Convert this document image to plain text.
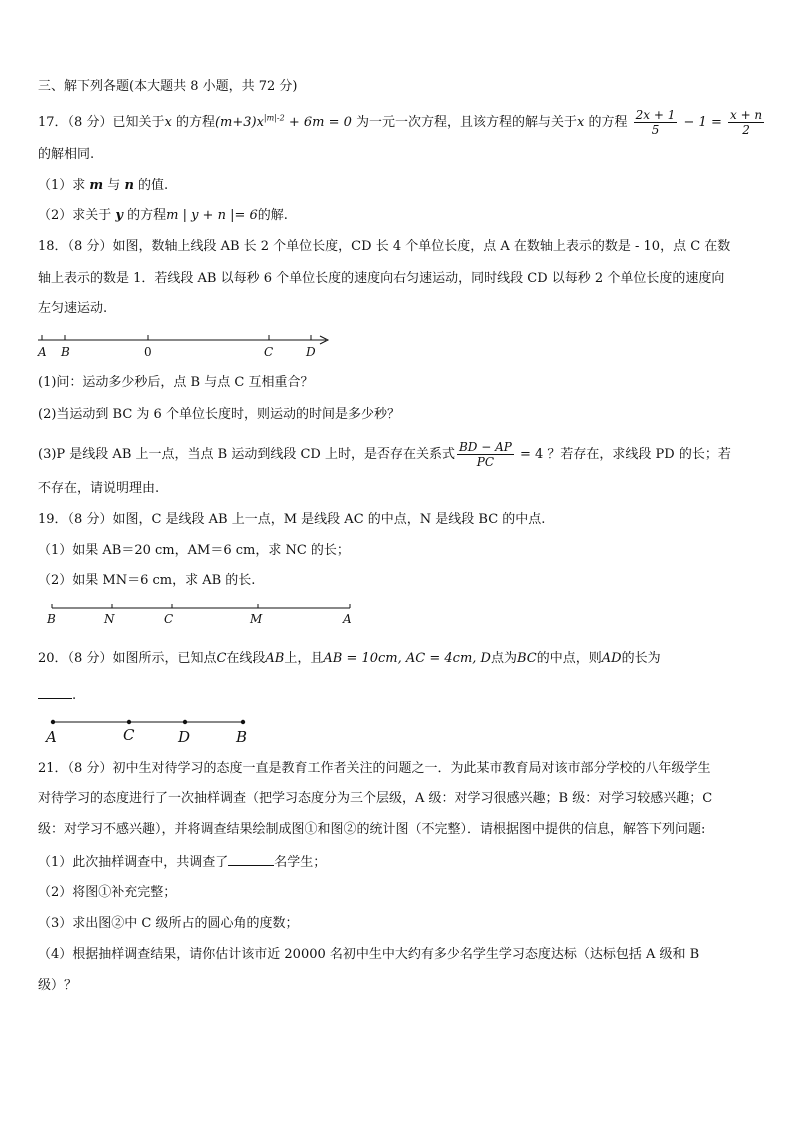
三、解下列各题(本大题共 8 小题，共 72 分)
17．（8 分）已知关于x 的方程$(m+3)x^{|m|-2} + 6m = 0$ 为一元一次方程，且该方程的解与关于x 的方程 $\frac{2x + 1}{5} - 1 = \frac{x + n}{2}$
的解相同.
（1）求 m 与 n 的值.
（2）求关于 y 的方程m | y + n |= 6的解.
18．（8 分）如图，数轴上线段 AB 长 2 个单位长度，CD 长 4 个单位长度，点 A 在数轴上表示的数是 - 10，点 C 在数
轴上表示的数是 1．若线段 AB 以每秒 6 个单位长度的速度向右匀速运动，同时线段 CD 以每秒 2 个单位长度的速度向
左匀速运动.
A B	0	C	D
(1)问：运动多少秒后，点 B 与点 C 互相重合？
(2)当运动到 BC 为 6 个单位长度时，则运动的时间是多少秒？
(3)P 是线段 AB 上一点，当点 B 运动到线段 CD 上时，是否存在关系式 $\frac{BD - AP}{PC} = 4$ ？若存在，求线段 PD 的长；若
不存在，请说明理由.
19．（8 分）如图，C 是线段 AB 上一点，M 是线段 AC 的中点，N 是线段 BC 的中点.
（1）如果 AB＝20 cm，AM＝6 cm，求 NC 的长；
（2）如果 MN＝6 cm，求 AB 的长.
B	N	C	M	A
20．（8 分）如图所示，已知点C在线段AB上，且AB = 10cm, AC = 4cm, D点为BC的中点，则AD的长为
.
A	C	D	B
21．（8 分）初中生对待学习的态度一直是教育工作者关注的问题之一．为此某市教育局对该市部分学校的八年级学生
对待学习的态度进行了一次抽样调查（把学习态度分为三个层级，A 级：对学习很感兴趣；B 级：对学习较感兴趣；C
级：对学习不感兴趣），并将调查结果绘制成图①和图②的统计图（不完整）．请根据图中提供的信息，解答下列问题:
（1）此次抽样调查中，共调查了	名学生；
（2）将图①补充完整；
（3）求出图②中 C 级所占的圆心角的度数；
（4）根据抽样调查结果，请你估计该市近 20000 名初中生中大约有多少名学生学习态度达标（达标包括 A 级和 B
级）？
